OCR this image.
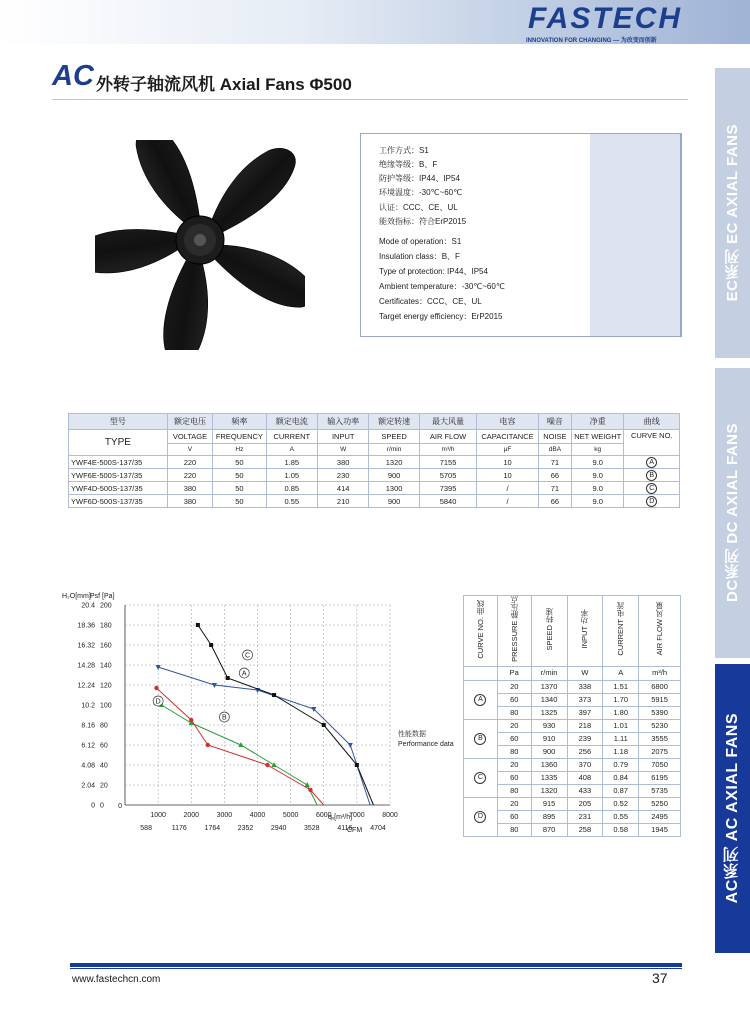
FASTECH
INNOVATION FOR CHANGING — 为改变而创新
AC 外转子轴流风机 Axial Fans Φ500
EC系列 EC AXIAL FANS
DC系列 DC AXIAL FANS
AC系列 AC AXIAL FANS
工作方式：S1
绝缘等级：B、F
防护等级：IP44、IP54
环境温度：-30℃~60℃
认证：CCC、CE、UL
能效指标：符合ErP2015
Mode of operation：S1
Insulation class：B、F
Type of protection: IP44、IP54
Ambient temperature：-30℃~60℃
Certificates：CCC、CE、UL
Target energy efficiency：ErP2015
型号	额定电压	频率	额定电流	输入功率	额定转速	最大风量	电容	噪音	净重	曲线
TYPE	VOLTAGE	FREQUENCY	CURRENT	INPUT	SPEED	AIR FLOW	CAPACITANCE	NOISE	NET WEIGHT	CURVE NO.
	V	Hz	A	W	r/min	m³/h	μF	dBA	kg	
YWF4E-500S-137/35	220	50	1.85	380	1320	7155	10	71	9.0	A
YWF6E-500S-137/35	220	50	1.05	230	900	5705	10	66	9.0	B
YWF4D-500S-137/35	380	50	0.85	414	1300	7395	/	71	9.0	C
YWF6D-500S-137/35	380	50	0.55	210	900	5840	/	66	9.0	D
H₂O[mm] Psf [Pa]
qᵥ[m³/h]
CFM
0
0
20
2.04
40
4.08
60
6.12
80
8.16
100
10.2
120
12.24
140
14.28
160
16.32
180
18.36
200
20.4
1000
588
2000
1176
3000
1764
4000
2352
5000
2940
6000
3528
7000
4116
8000
4704
0
A
B
C
D
性能数据
Performance data
CURVE NO. 曲线	PRESSURE 静压点	SPEED 转速	INPUT 功率	CURRENT 电流	AIR FLOW 风量
	Pa	r/min	W	A	m³/h
A	20	1370	338	1.51	6800
	60	1340	373	1.70	5915
	80	1325	397	1.80	5390
B	20	930	218	1.01	5230
	60	910	239	1.11	3555
	80	900	256	1.18	2075
C	20	1360	370	0.79	7050
	60	1335	408	0.84	6195
	80	1320	433	0.87	5735
D	20	915	205	0.52	5250
	60	895	231	0.55	2495
	80	870	258	0.58	1945
www.fastechcn.com	37
